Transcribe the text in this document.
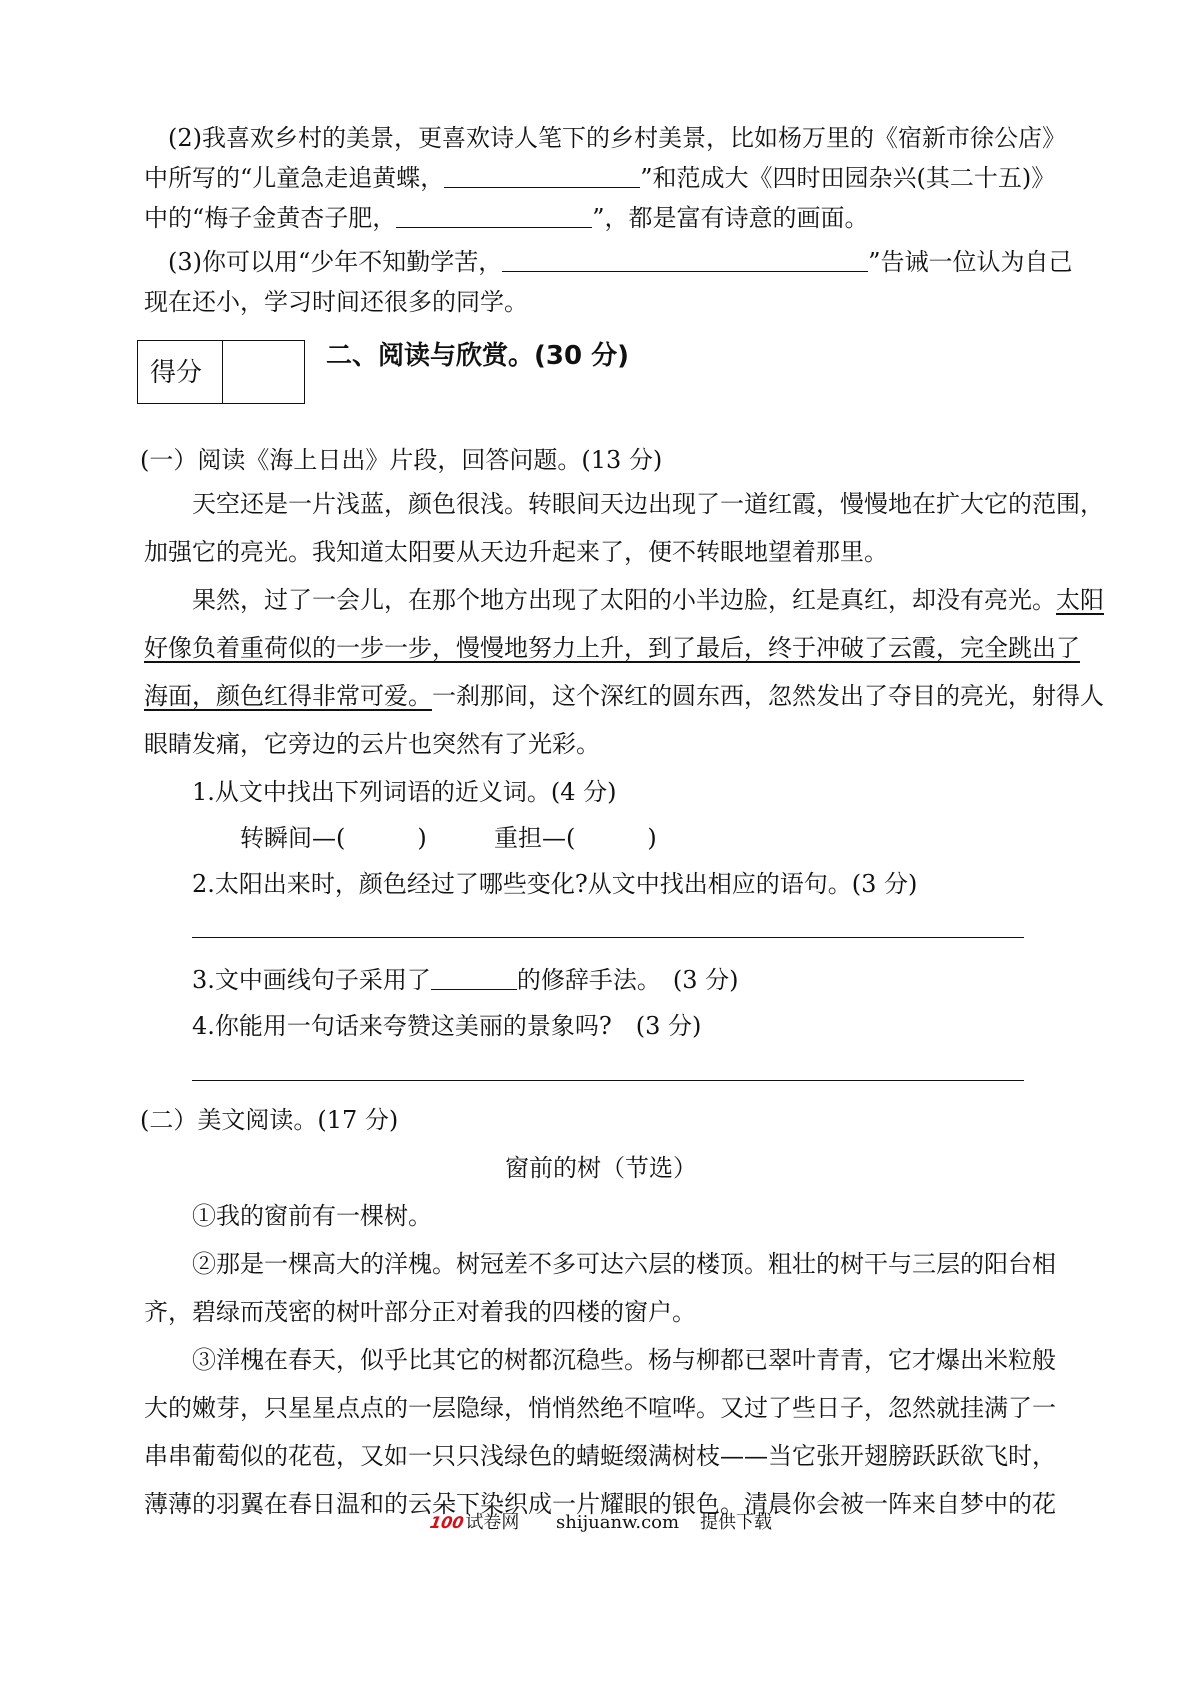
(2)我喜欢乡村的美景，更喜欢诗人笔下的乡村美景，比如杨万里的《宿新市徐公店》
中所写的“儿童急走追黄蝶，	”和范成大《四时田园杂兴(其二十五)》
中的“梅子金黄杏子肥，	”，都是富有诗意的画面。
(3)你可以用“少年不知勤学苦，	”告诫一位认为自己
现在还小，学习时间还很多的同学。
得分
二、阅读与欣赏。(30 分)
(一）阅读《海上日出》片段，回答问题。(13 分)
天空还是一片浅蓝，颜色很浅。转眼间天边出现了一道红霞，慢慢地在扩大它的范围，
加强它的亮光。我知道太阳要从天边升起来了，便不转眼地望着那里。
果然，过了一会儿，在那个地方出现了太阳的小半边脸，红是真红，却没有亮光。太阳
好像负着重荷似的一步一步，慢慢地努力上升，到了最后，终于冲破了云霞，完全跳出了
海面，颜色红得非常可爱。一刹那间，这个深红的圆东西，忽然发出了夺目的亮光，射得人
眼睛发痛，它旁边的云片也突然有了光彩。
1.从文中找出下列词语的近义词。(4 分)
转瞬间—(　　　)	重担—(　　　)
2.太阳出来时，颜色经过了哪些变化?从文中找出相应的语句。(3 分)
3.文中画线句子采用了	的修辞手法。　(3 分)
4.你能用一句话来夸赞这美丽的景象吗?　(3 分)
(二）美文阅读。(17 分)
窗前的树（节选）
①我的窗前有一棵树。
②那是一棵高大的洋槐。树冠差不多可达六层的楼顶。粗壮的树干与三层的阳台相
齐，碧绿而茂密的树叶部分正对着我的四楼的窗户。
③洋槐在春天，似乎比其它的树都沉稳些。杨与柳都已翠叶青青，它才爆出米粒般
大的嫩芽，只星星点点的一层隐绿，悄悄然绝不喧哗。又过了些日子，忽然就挂满了一
串串葡萄似的花苞，又如一只只浅绿色的蜻蜓缀满树枝——当它张开翅膀跃跃欲飞时，
薄薄的羽翼在春日温和的云朵下染织成一片耀眼的银色。清晨你会被一阵来自梦中的花
100试卷网 shijuanw.com 提供下载
